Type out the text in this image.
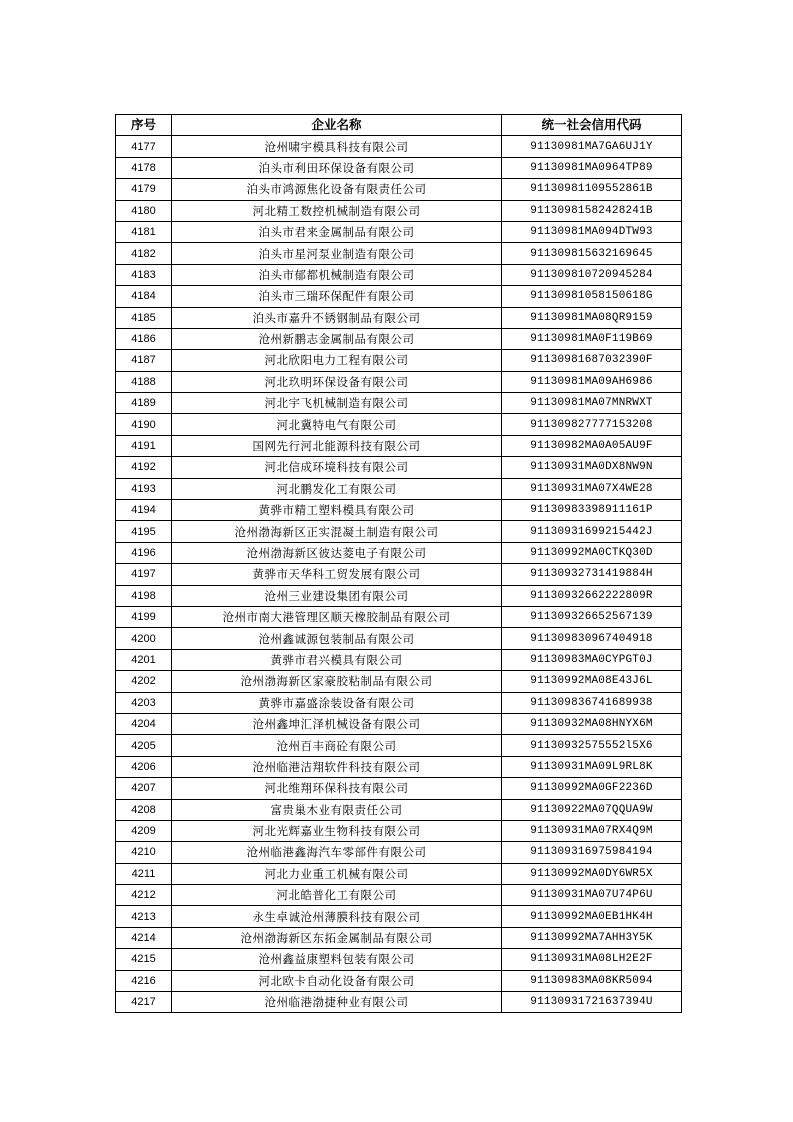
序号	企业名称	统一社会信用代码
4177	沧州啸宇模具科技有限公司	91130981MA7GA6UJ1Y
4178	泊头市利田环保设备有限公司	91130981MA0964TP89
4179	泊头市鸿源焦化设备有限责任公司	91130981109552861B
4180	河北精工数控机械制造有限公司	91130981582428241B
4181	泊头市君来金属制品有限公司	91130981MA094DTW93
4182	泊头市星河泵业制造有限公司	911309815632169645
4183	泊头市郁都机械制造有限公司	911309810720945284
4184	泊头市三瑞环保配件有限公司	91130981058150618G
4185	泊头市嘉升不锈钢制品有限公司	91130981MA08QR9159
4186	沧州新鹏志金属制品有限公司	91130981MA0F119B69
4187	河北欣阳电力工程有限公司	91130981687032390F
4188	河北玖明环保设备有限公司	91130981MA09AH6986
4189	河北宇飞机械制造有限公司	91130981MA07MNRWXT
4190	河北冀特电气有限公司	911309827777153208
4191	国网先行河北能源科技有限公司	91130982MA0A05AU9F
4192	河北信成环境科技有限公司	91130931MA0DX8NW9N
4193	河北鹏发化工有限公司	91130931MA07X4WE28
4194	黄骅市精工塑料模具有限公司	91130983398911161P
4195	沧州渤海新区正实混凝土制造有限公司	91130931699215442J
4196	沧州渤海新区彼达菱电子有限公司	91130992MA0CTKQ30D
4197	黄骅市天华科工贸发展有限公司	91130932731419884H
4198	沧州三业建设集团有限公司	91130932662222809R
4199	沧州市南大港管理区顺天橡胶制品有限公司	911309326652567139
4200	沧州鑫诚源包装制品有限公司	911309830967404918
4201	黄骅市君兴模具有限公司	91130983MA0CYPGT0J
4202	沧州渤海新区家豪胶粘制品有限公司	91130992MA08E43J6L
4203	黄骅市嘉盛涂装设备有限公司	911309836741689938
4204	沧州鑫坤汇泽机械设备有限公司	91130932MA08HNYX6M
4205	沧州百丰商砼有限公司	91130932575552l5X6
4206	沧州临港洁翔软件科技有限公司	91130931MA09L9RL8K
4207	河北维翔环保科技有限公司	91130992MA0GF2236D
4208	富贵巢木业有限责任公司	91130922MA07QQUA9W
4209	河北光辉嘉业生物科技有限公司	91130931MA07RX4Q9M
4210	沧州临港鑫海汽车零部件有限公司	911309316975984194
4211	河北力业重工机械有限公司	91130992MA0DY6WR5X
4212	河北皓普化工有限公司	91130931MA07U74P6U
4213	永生卓诚沧州薄膜科技有限公司	91130992MA0EB1HK4H
4214	沧州渤海新区东拓金属制品有限公司	91130992MA7AHH3Y5K
4215	沧州鑫益康塑料包装有限公司	91130931MA08LH2E2F
4216	河北欧卡自动化设备有限公司	91130983MA08KR5094
4217	沧州临港渤捷种业有限公司	91130931721637394U
